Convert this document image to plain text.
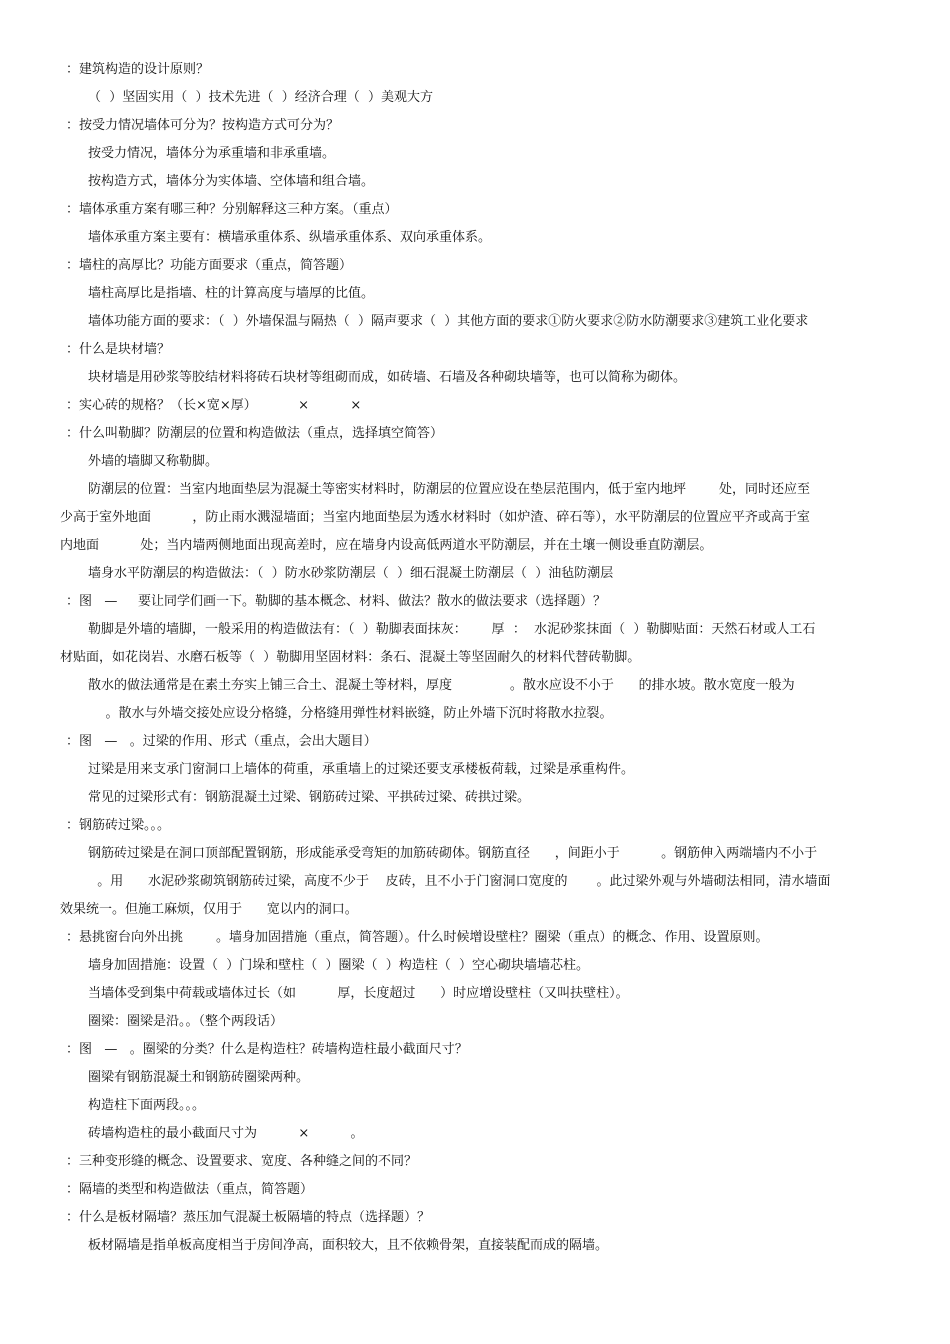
：建筑构造的设计原则？
（  ）坚固实用（  ）技术先进（  ）经济合理（  ）美观大方
：按受力情况墙体可分为？按构造方式可分为？
按受力情况，墙体分为承重墙和非承重墙。
按构造方式，墙体分为实体墙、空体墙和组合墙。
：墙体承重方案有哪三种？分别解释这三种方案。（重点）
墙体承重方案主要有：横墙承重体系、纵墙承重体系、双向承重体系。
：墙柱的高厚比？功能方面要求（重点，简答题）
墙柱高厚比是指墙、柱的计算高度与墙厚的比值。
墙体功能方面的要求：（  ）外墙保温与隔热（  ）隔声要求（  ）其他方面的要求①防火要求②防水防潮要求③建筑工业化要求
：什么是块材墙？
块材墙是用砂浆等胶结材料将砖石块材等组砌而成，如砖墙、石墙及各种砌块墙等，也可以简称为砌体。
：实心砖的规格？（长×宽×厚）          ×          ×
：什么叫勒脚？防潮层的位置和构造做法（重点，选择填空简答）
外墙的墙脚又称勒脚。
防潮层的位置：当室内地面垫层为混凝土等密实材料时，防潮层的位置应设在垫层范围内，低于室内地坪        处，同时还应至
少高于室外地面          ，防止雨水溅湿墙面；当室内地面垫层为透水材料时（如炉渣、碎石等），水平防潮层的位置应平齐或高于室
内地面          处；当内墙两侧地面出现高差时，应在墙身内设高低两道水平防潮层，并在土壤一侧设垂直防潮层。
墙身水平防潮层的构造做法：（  ）防水砂浆防潮层（  ）细石混凝土防潮层（  ）油毡防潮层
：图   —     要让同学们画一下。勒脚的基本概念、材料、做法？散水的做法要求（选择题）？
勒脚是外墙的墙脚，一般采用的构造做法有：（  ）勒脚表面抹灰：      厚  ：  水泥砂浆抹面（  ）勒脚贴面：天然石材或人工石
材贴面，如花岗岩、水磨石板等（  ）勒脚用坚固材料：条石、混凝土等坚固耐久的材料代替砖勒脚。
散水的做法通常是在素土夯实上铺三合土、混凝土等材料，厚度              。散水应设不小于      的排水坡。散水宽度一般为
。散水与外墙交接处应设分格缝，分格缝用弹性材料嵌缝，防止外墙下沉时将散水拉裂。
：图   —   。过梁的作用、形式（重点，会出大题目）
过梁是用来支承门窗洞口上墙体的荷重，承重墙上的过梁还要支承楼板荷载，过梁是承重构件。
常见的过梁形式有：钢筋混凝土过梁、钢筋砖过梁、平拱砖过梁、砖拱过梁。
：钢筋砖过梁。。。
钢筋砖过梁是在洞口顶部配置钢筋，形成能承受弯矩的加筋砖砌体。钢筋直径      ，间距小于          。钢筋伸入两端墙内不小于
。用      水泥砂浆砌筑钢筋砖过梁，高度不少于    皮砖，且不小于门窗洞口宽度的       。此过梁外观与外墙砌法相同，清水墙面
效果统一。但施工麻烦，仅用于      宽以内的洞口。
：悬挑窗台向外出挑        。墙身加固措施（重点，简答题）。什么时候增设壁柱？圈梁（重点）的概念、作用、设置原则。
墙身加固措施：设置（  ）门垛和壁柱（  ）圈梁（  ）构造柱（  ）空心砌块墙墙芯柱。
当墙体受到集中荷载或墙体过长（如          厚，长度超过      ）时应增设壁柱（又叫扶壁柱）。
圈梁：圈梁是沿。。（整个两段话）
：图   —   。圈梁的分类？什么是构造柱？砖墙构造柱最小截面尺寸？
圈梁有钢筋混凝土和钢筋砖圈梁两种。
构造柱下面两段。。。
砖墙构造柱的最小截面尺寸为          ×          。
：三种变形缝的概念、设置要求、宽度、各种缝之间的不同？
：隔墙的类型和构造做法（重点，简答题）
：什么是板材隔墙？蒸压加气混凝土板隔墙的特点（选择题）？
板材隔墙是指单板高度相当于房间净高，面积较大，且不依赖骨架，直接装配而成的隔墙。
